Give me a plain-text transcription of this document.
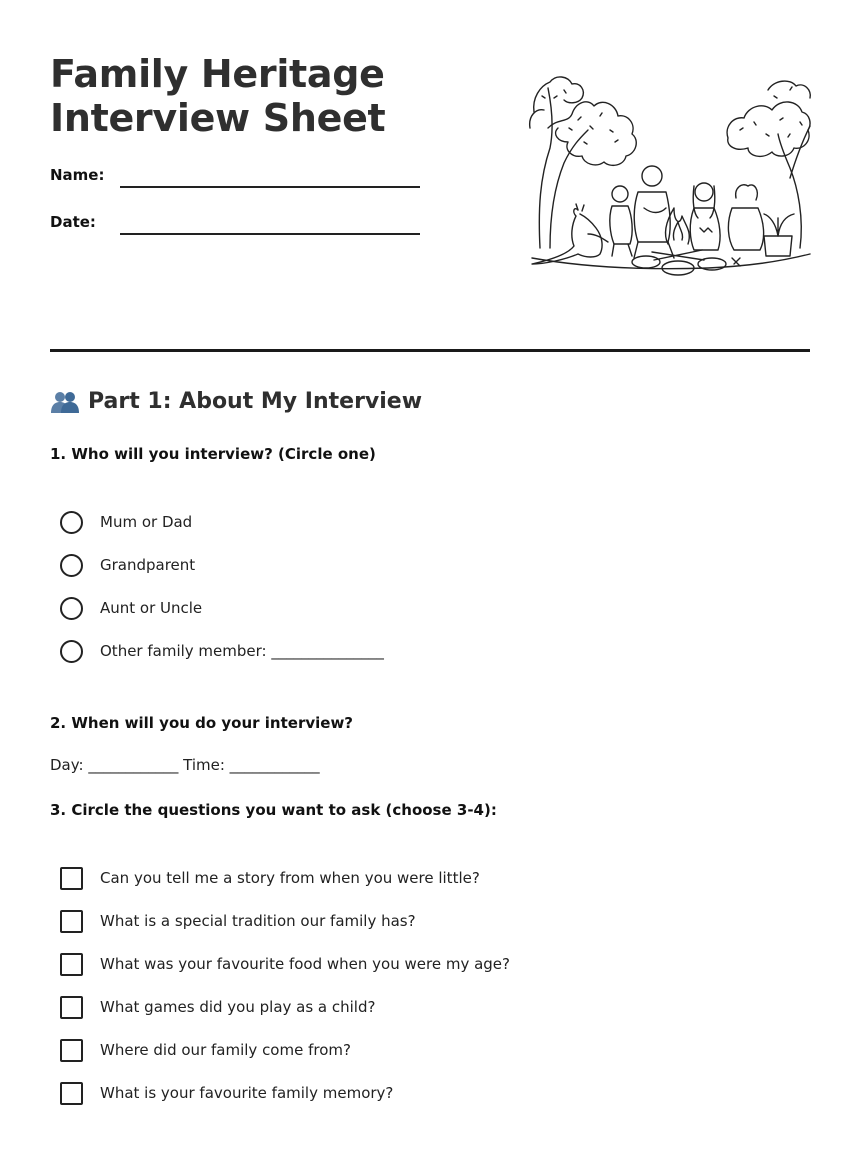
Family Heritage
Interview Sheet
Name:
Date:
Part 1: About My Interview

1. Who will you interview? (Circle one)

Mum or Dad
Grandparent
Aunt or Uncle
Other family member: _______________

2. When will you do your interview?

Day: ____________ Time: ____________

3. Circle the questions you want to ask (choose 3-4):

Can you tell me a story from when you were little?
What is a special tradition our family has?
What was your favourite food when you were my age?
What games did you play as a child?
Where did our family come from?
What is your favourite family memory?
